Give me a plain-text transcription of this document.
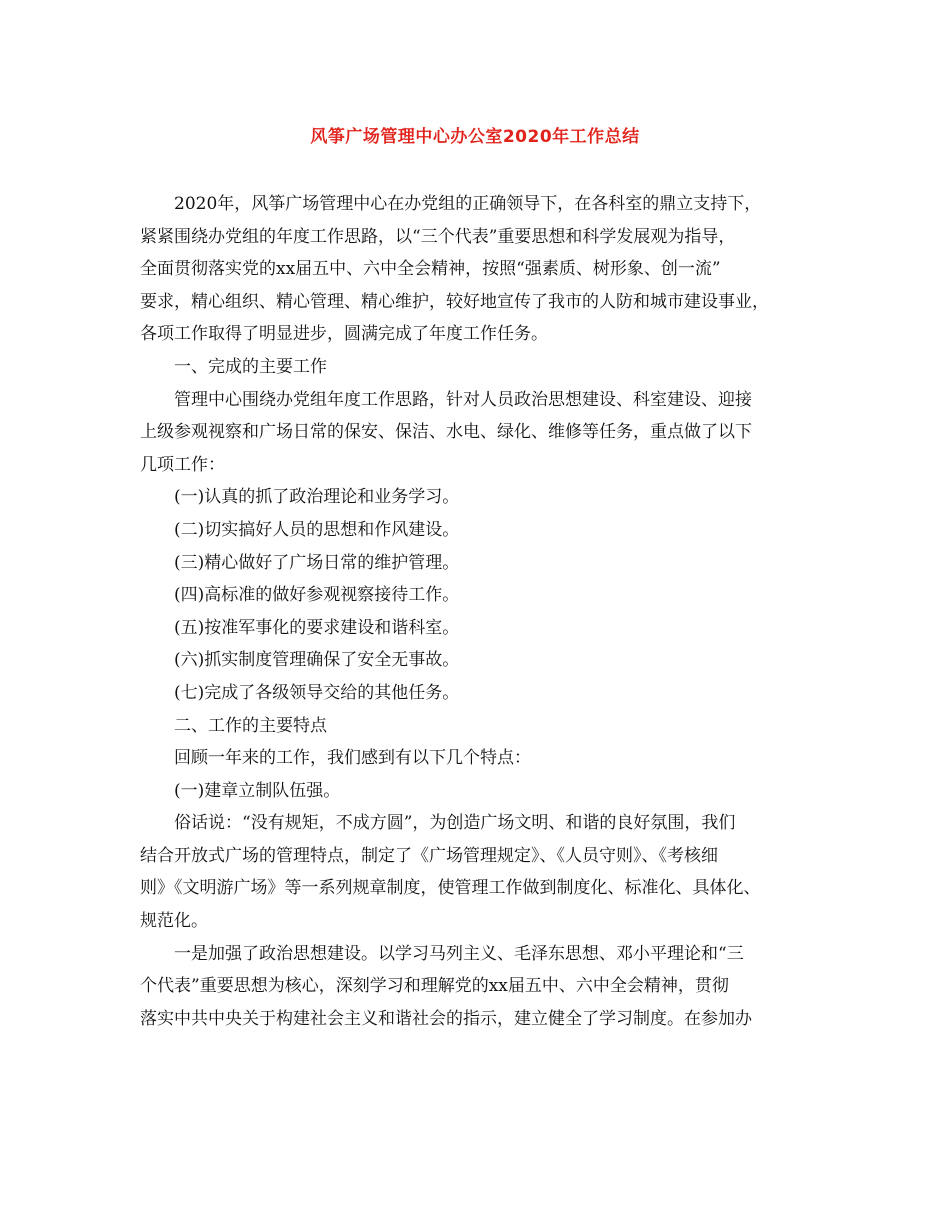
风筝广场管理中心办公室2020年工作总结

2020年，风筝广场管理中心在办党组的正确领导下，在各科室的鼎立支持下，

紧紧围绕办党组的年度工作思路，以“三个代表”重要思想和科学发展观为指导，

全面贯彻落实党的xx届五中、六中全会精神，按照“强素质、树形象、创一流”

要求，精心组织、精心管理、精心维护，较好地宣传了我市的人防和城市建设事业，

各项工作取得了明显进步，圆满完成了年度工作任务。

一、完成的主要工作

管理中心围绕办党组年度工作思路，针对人员政治思想建设、科室建设、迎接

上级参观视察和广场日常的保安、保洁、水电、绿化、维修等任务，重点做了以下

几项工作：

(一)认真的抓了政治理论和业务学习。

(二)切实搞好人员的思想和作风建设。

(三)精心做好了广场日常的维护管理。

(四)高标准的做好参观视察接待工作。

(五)按准军事化的要求建设和谐科室。

(六)抓实制度管理确保了安全无事故。

(七)完成了各级领导交给的其他任务。

二、工作的主要特点

回顾一年来的工作，我们感到有以下几个特点：

(一)建章立制队伍强。

俗话说：“没有规矩，不成方圆”，为创造广场文明、和谐的良好氛围，我们

结合开放式广场的管理特点，制定了《广场管理规定》、《人员守则》、《考核细

则》《文明游广场》等一系列规章制度，使管理工作做到制度化、标准化、具体化、

规范化。

一是加强了政治思想建设。以学习马列主义、毛泽东思想、邓小平理论和“三

个代表”重要思想为核心，深刻学习和理解党的xx届五中、六中全会精神，贯彻

落实中共中央关于构建社会主义和谐社会的指示，建立健全了学习制度。在参加办
